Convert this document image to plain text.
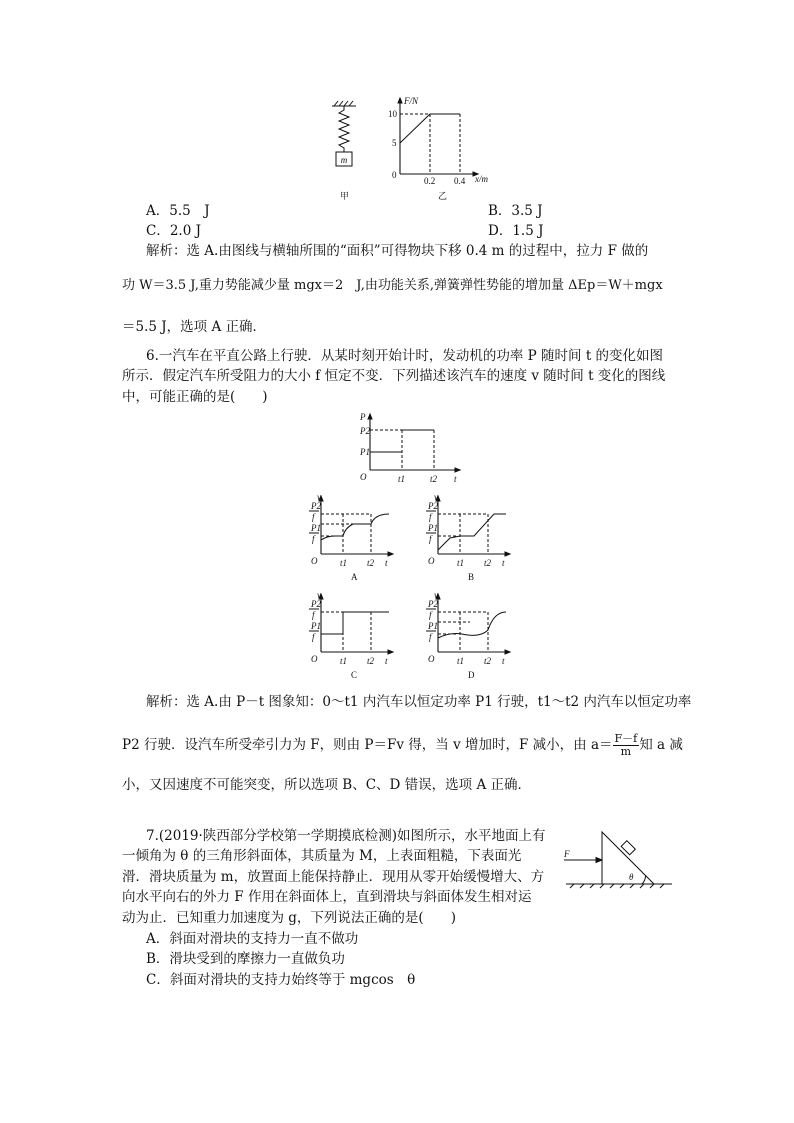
m
甲
F/N
x/m
10
5
0
0.2 0.4
乙
A．5.5　J	B．3.5 J
C．2.0 J	D．1.5 J
解析：选 A.由图线与横轴所围的“面积”可得物块下移 0.4 m 的过程中，拉力 F 做的
功 W＝3.5 J,重力势能减少量 mgx＝2　J,由功能关系,弹簧弹性势能的增加量 ΔEp＝W＋mgx
＝5.5 J，选项 A 正确．
6.一汽车在平直公路上行驶．从某时刻开始计时，发动机的功率 P 随时间 t 的变化如图
所示．假定汽车所受阻力的大小 f 恒定不变．下列描述该汽车的速度 v 随时间 t 变化的图线
中，可能正确的是(　　)
P
P2
P1
O	t1	t2 t
v
P2
f
P1
f
O	t1 t2 t
A
v
P2
f
P1
f
O	t1 t2 t
B
v
P2
f
P1
f
O	t1 t2 t
C
v
P2
f
P1
f
O	t1 t2 t
D
解析：选 A.由 P－t 图象知：0～t1 内汽车以恒定功率 P1 行驶，t1～t2 内汽车以恒定功率
P2 行驶．设汽车所受牵引力为 F，则由 P＝Fv 得，当 v 增加时，F 减小，由 $a= \frac{F-f}{m}$ 知 a 减
小，又因速度不可能突变，所以选项 B、C、D 错误，选项 A 正确．
7.(2019·陕西部分学校第一学期摸底检测)如图所示，水平地面上有
一倾角为 θ 的三角形斜面体，其质量为 M，上表面粗糙，下表面光
滑．滑块质量为 m，放置面上能保持静止．现用从零开始缓慢增大、方
向水平向右的外力 F 作用在斜面体上，直到滑块与斜面体发生相对运
动为止．已知重力加速度为 g，下列说法正确的是(　　)
A．斜面对滑块的支持力一直不做功
B．滑块受到的摩擦力一直做负功
C．斜面对滑块的支持力始终等于 mgcos　θ
F
θ
